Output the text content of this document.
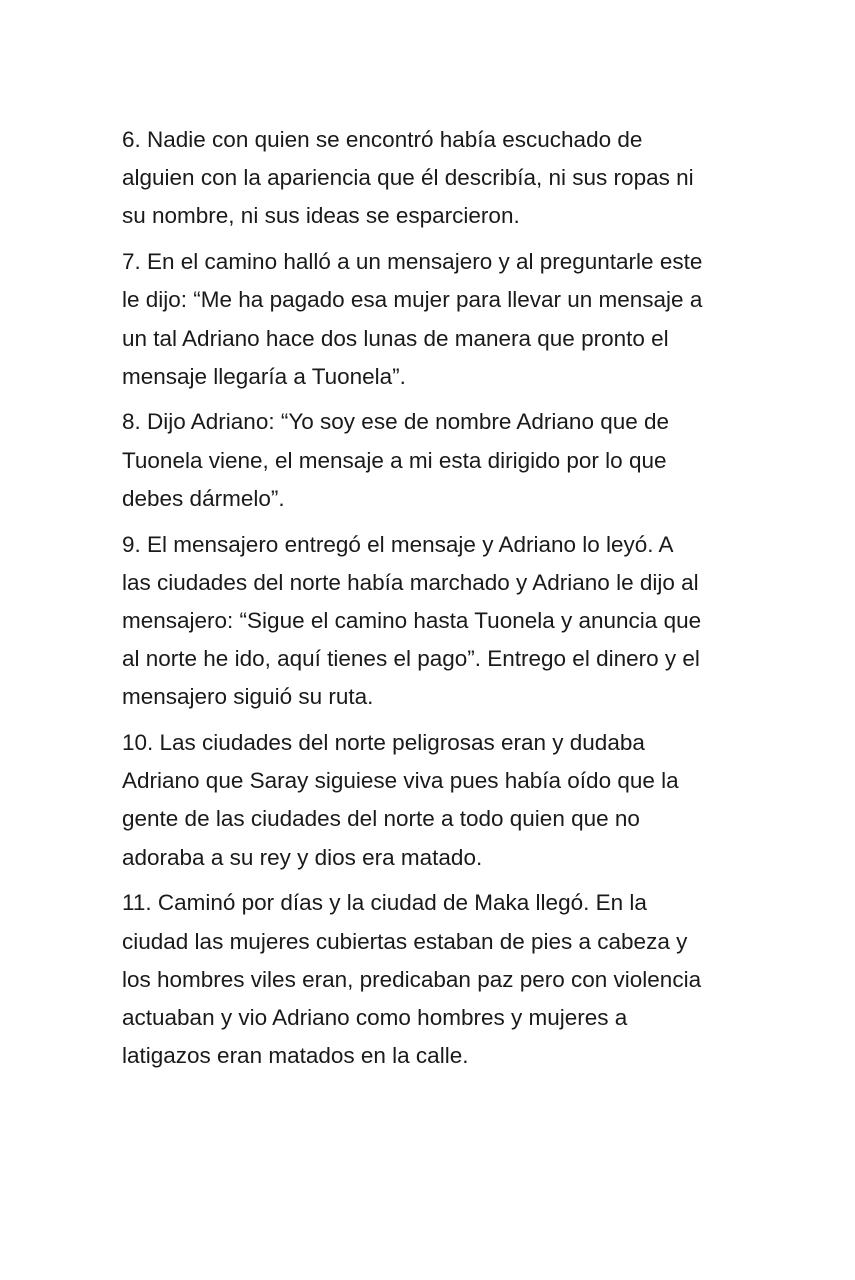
6. Nadie con quien se encontró había escuchado de
alguien con la apariencia que él describía, ni sus ropas ni
su nombre, ni sus ideas se esparcieron.

7. En el camino halló a un mensajero y al preguntarle este
le dijo: “Me ha pagado esa mujer para llevar un mensaje a
un tal Adriano hace dos lunas de manera que pronto el
mensaje llegaría a Tuonela”.

8. Dijo Adriano: “Yo soy ese de nombre Adriano que de
Tuonela viene, el mensaje a mi esta dirigido por lo que
debes dármelo”.

9. El mensajero entregó el mensaje y Adriano lo leyó. A
las ciudades del norte había marchado y Adriano le dijo al
mensajero: “Sigue el camino hasta Tuonela y anuncia que
al norte he ido, aquí tienes el pago”. Entrego el dinero y el
mensajero siguió su ruta.

10. Las ciudades del norte peligrosas eran y dudaba
Adriano que Saray siguiese viva pues había oído que la
gente de las ciudades del norte a todo quien que no
adoraba a su rey y dios era matado.

11. Caminó por días y la ciudad de Maka llegó. En la
ciudad las mujeres cubiertas estaban de pies a cabeza y
los hombres viles eran, predicaban paz pero con violencia
actuaban y vio Adriano como hombres y mujeres a
latigazos eran matados en la calle.
